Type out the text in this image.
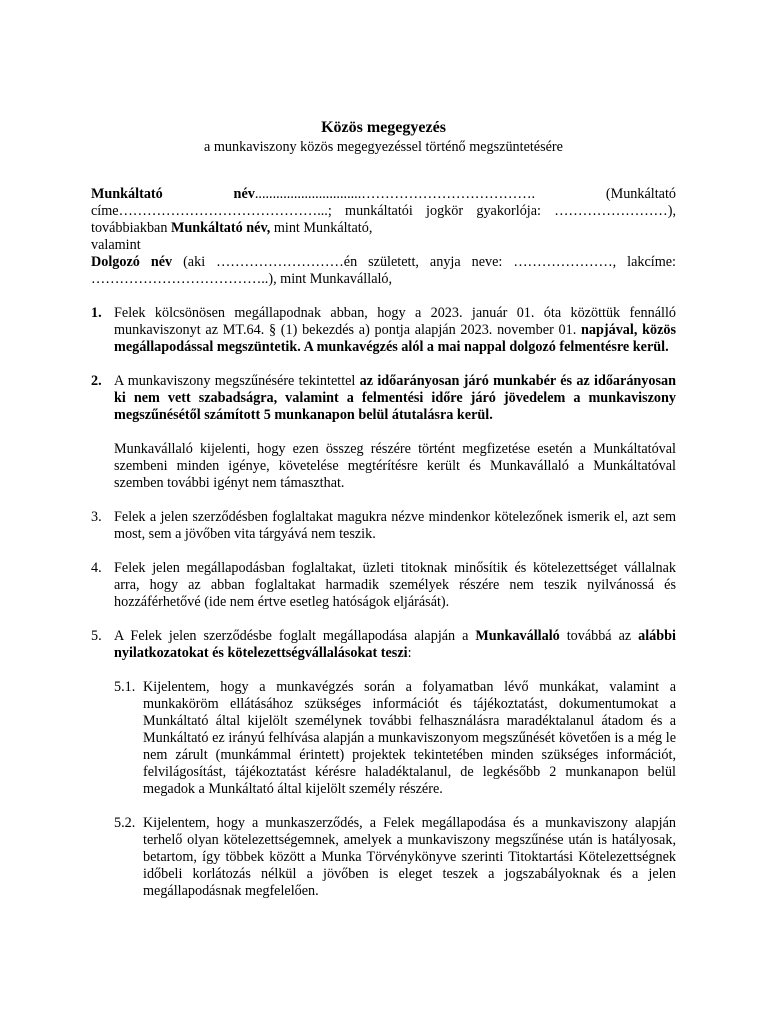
Közös megegyezés

a munkaviszony közös megegyezéssel történő megszüntetésére

Munkáltató név..............................………………………………. (Munkáltató címe……………………………………...; munkáltatói jogkör gyakorlója: ……………………), továbbiakban Munkáltató név, mint Munkáltató,

valamint

Dolgozó név (aki ………………………én született, anyja neve: …………………, lakcíme: ………………………………..), mint Munkavállaló,

1. Felek kölcsönösen megállapodnak abban, hogy a 2023. január 01. óta közöttük fennálló munkaviszonyt az MT.64. § (1) bekezdés a) pontja alapján 2023. november 01. napjával, közös megállapodással megszüntetik. A munkavégzés alól a mai nappal dolgozó felmentésre kerül.
2. A munkaviszony megszűnésére tekintettel az időarányosan járó munkabér és az időarányosan ki nem vett szabadságra, valamint a felmentési időre járó jövedelem a munkaviszony megszűnésétől számított 5 munkanapon belül átutalásra kerül.
Munkavállaló kijelenti, hogy ezen összeg részére történt megfizetése esetén a Munkáltatóval szembeni minden igénye, követelése megtérítésre került és Munkavállaló a Munkáltatóval szemben további igényt nem támaszthat.
3. Felek a jelen szerződésben foglaltakat magukra nézve mindenkor kötelezőnek ismerik el, azt sem most, sem a jövőben vita tárgyává nem teszik.
4. Felek jelen megállapodásban foglaltakat, üzleti titoknak minősítik és kötelezettséget vállalnak arra, hogy az abban foglaltakat harmadik személyek részére nem teszik nyilvánossá és hozzáférhetővé (ide nem értve esetleg hatóságok eljárását).
5. A Felek jelen szerződésbe foglalt megállapodása alapján a Munkavállaló továbbá az alábbi nyilatkozatokat és kötelezettségvállalásokat teszi:
5.1. Kijelentem, hogy a munkavégzés során a folyamatban lévő munkákat, valamint a munkaköröm ellátásához szükséges információt és tájékoztatást, dokumentumokat a Munkáltató által kijelölt személynek további felhasználásra maradéktalanul átadom és a Munkáltató ez irányú felhívása alapján a munkaviszonyom megszűnését követően is a még le nem zárult (munkámmal érintett) projektek tekintetében minden szükséges információt, felvilágosítást, tájékoztatást kérésre haladéktalanul, de legkésőbb 2 munkanapon belül megadok a Munkáltató által kijelölt személy részére.
5.2. Kijelentem, hogy a munkaszerződés, a Felek megállapodása és a munkaviszony alapján terhelő olyan kötelezettségemnek, amelyek a munkaviszony megszűnése után is hatályosak, betartom, így többek között a Munka Törvénykönyve szerinti Titoktartási Kötelezettségnek időbeli korlátozás nélkül a jövőben is eleget teszek a jogszabályoknak és a jelen megállapodásnak megfelelően.
